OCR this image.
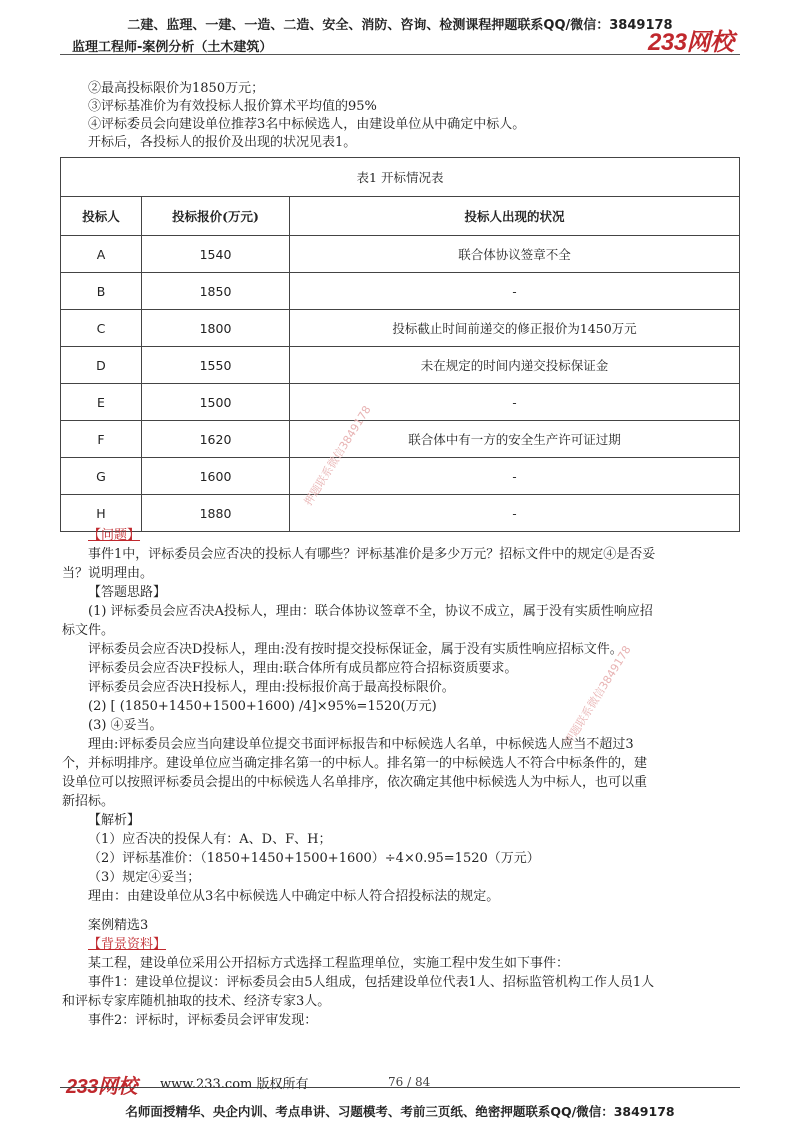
二建、监理、一建、一造、二造、安全、消防、咨询、检测课程押题联系QQ/微信：3849178
监理工程师-案例分析（土木建筑）	233网校
②最高投标限价为1850万元；
③评标基准价为有效投标人报价算术平均值的95%
④评标委员会向建设单位推荐3名中标候选人，由建设单位从中确定中标人。
开标后，各投标人的报价及出现的状况见表1。
表1 开标情况表		
投标人	投标报价(万元)	投标人出现的状况
A	1540	联合体协议签章不全
B	1850	-
C	1800	投标截止时间前递交的修正报价为1450万元
D	1550	未在规定的时间内递交投标保证金
E	1500	-
F	1620	联合体中有一方的安全生产许可证过期
G	1600	-
H	1880	-
押题联系微信3849178
押题联系微信3849178
【问题】
事件1中，评标委员会应否决的投标人有哪些？评标基准价是多少万元？招标文件中的规定④是否妥
当？说明理由。
【答题思路】
(1) 评标委员会应否决A投标人，理由：联合体协议签章不全，协议不成立，属于没有实质性响应招
标文件。
评标委员会应否决D投标人，理由:没有按时提交投标保证金，属于没有实质性响应招标文件。
评标委员会应否决F投标人，理由:联合体所有成员都应符合招标资质要求。
评标委员会应否决H投标人，理由:投标报价高于最高投标限价。
(2) [ (1850+1450+1500+1600) /4]×95%=1520(万元)
(3) ④妥当。
理由:评标委员会应当向建设单位提交书面评标报告和中标候选人名单，中标候选人应当不超过3
个，并标明排序。建设单位应当确定排名第一的中标人。排名第一的中标候选人不符合中标条件的，建
设单位可以按照评标委员会提出的中标候选人名单排序，依次确定其他中标候选人为中标人，也可以重
新招标。
【解析】
（1）应否决的投保人有：A、D、F、H；
（2）评标基准价：（1850+1450+1500+1600）÷4×0.95=1520（万元）
（3）规定④妥当；
理由：由建设单位从3名中标候选人中确定中标人符合招投标法的规定。
案例精选3
【背景资料】
某工程，建设单位采用公开招标方式选择工程监理单位，实施工程中发生如下事件：
事件1：建设单位提议：评标委员会由5人组成，包括建设单位代表1人、招标监管机构工作人员1人
和评标专家库随机抽取的技术、经济专家3人。
事件2：评标时，评标委员会评审发现：
233网校 www.233.com 版权所有	76 / 84
名师面授精华、央企内训、考点串讲、习题模考、考前三页纸、绝密押题联系QQ/微信：3849178
